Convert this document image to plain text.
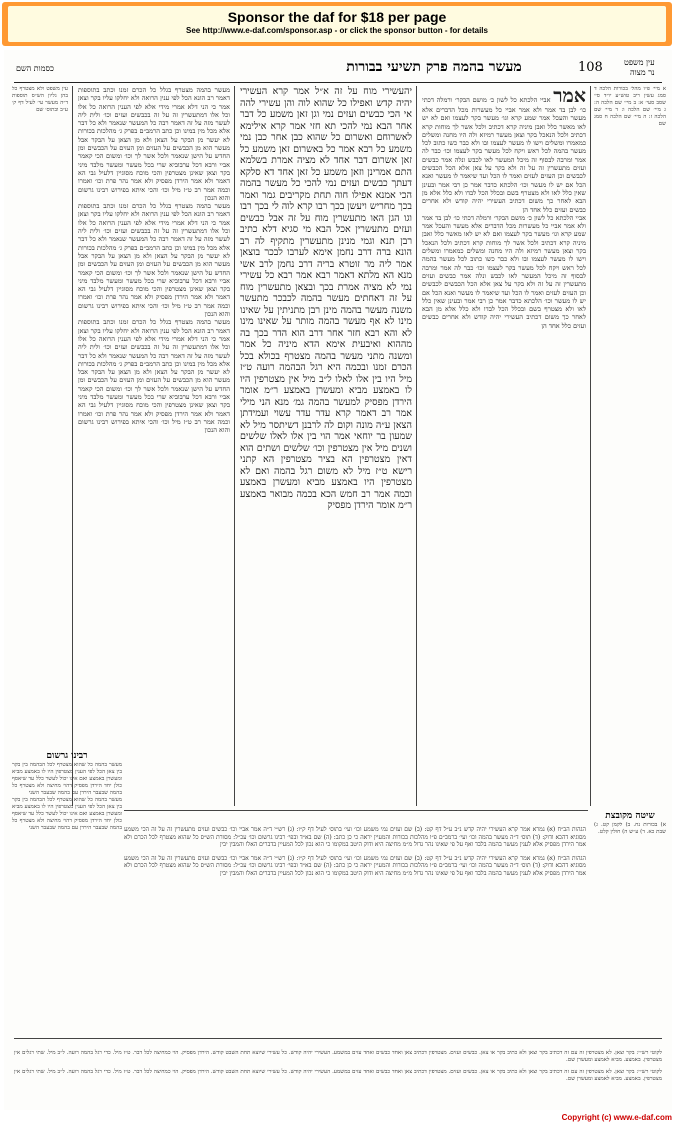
Sponsor the daf for $18 per page
See http://www.e-daf.com/sponsor.asp - or click the sponsor button - for details
כסמות השם	108
מעשר בהמה פרק תשיעי בבורות	עין משפט
נר מצוה

עין משפט ולא מצטרף כל בהן גליון הש״ס תוספות ד״ה מעשר עי׳ לעיל דף ק׳ ע״ב ובתוס׳ שם

מעשר בהמה מצטרף בגלל כל הכרם זמנו וכתב בתוספות דאמר רב הונא הכל לפי ענין הרואה ולא יחלקו עליו בקר וצאן אמר כי הני דלא אמרי מידי אלא לפי הענין הרואה כל אלו וכל אלו דמתעשרין זה על זה בכבשים ועזים וכו׳ ולית ליה לעשר מזה על זה דאמר רבה כל המעשר שנאמר ולא כל דבר אלא מכל מין במינו וכן כתב הרמב״ם בפרק ג׳ מהלכות בכורות לא יעשר מן הבקר על הצאן ולא מן הצאן על הבקר אבל מעשר הוא מן הכבשים על העזים ומן העזים על הכבשים ומן החדש על הישן שנאמר ולכל אשר לך וכו׳ ומשום הכי קאמר אביי ורבא דכל ערבוביא שרי בכל מעשר ומעשר מלבד מיני בקר וצאן שאינן מצטרפין והכי מוכח מסוגיין דלעיל גבי הא דאמר ולא אמר הירדן מפסיק ולא אמר נהר פרת וכו׳ ואמרו וכמה אמר רב ט״ז מיל וכו׳ והכי איתא בפירוש רבינו גרשום והוא הנכון

מעשר בהמה מצטרף בגלל כל הכרם זמנו וכתב בתוספות דאמר רב הונא הכל לפי ענין הרואה ולא יחלקו עליו בקר וצאן אמר כי הני דלא אמרי מידי אלא לפי הענין הרואה כל אלו וכל אלו דמתעשרין זה על זה בכבשים ועזים וכו׳ ולית ליה לעשר מזה על זה דאמר רבה כל המעשר שנאמר ולא כל דבר אלא מכל מין במינו וכן כתב הרמב״ם בפרק ג׳ מהלכות בכורות לא יעשר מן הבקר על הצאן ולא מן הצאן על הבקר אבל מעשר הוא מן הכבשים על העזים ומן העזים על הכבשים ומן החדש על הישן שנאמר ולכל אשר לך וכו׳ ומשום הכי קאמר אביי ורבא דכל ערבוביא שרי בכל מעשר ומעשר מלבד מיני בקר וצאן שאינן מצטרפין והכי מוכח מסוגיין דלעיל גבי הא דאמר ולא אמר הירדן מפסיק ולא אמר נהר פרת וכו׳ ואמרו וכמה אמר רב ט״ז מיל וכו׳ והכי איתא בפירוש רבינו גרשום והוא הנכון

מעשר בהמה מצטרף בגלל כל הכרם זמנו וכתב בתוספות דאמר רב הונא הכל לפי ענין הרואה ולא יחלקו עליו בקר וצאן אמר כי הני דלא אמרי מידי אלא לפי הענין הרואה כל אלו וכל אלו דמתעשרין זה על זה בכבשים ועזים וכו׳ ולית ליה לעשר מזה על זה דאמר רבה כל המעשר שנאמר ולא כל דבר אלא מכל מין במינו וכן כתב הרמב״ם בפרק ג׳ מהלכות בכורות לא יעשר מן הבקר על הצאן ולא מן הצאן על הבקר אבל מעשר הוא מן הכבשים על העזים ומן העזים על הכבשים ומן החדש על הישן שנאמר ולכל אשר לך וכו׳ ומשום הכי קאמר אביי ורבא דכל ערבוביא שרי בכל מעשר ומעשר מלבד מיני בקר וצאן שאינן מצטרפין והכי מוכח מסוגיין דלעיל גבי הא דאמר ולא אמר הירדן מפסיק ולא אמר נהר פרת וכו׳ ואמרו וכמה אמר רב ט״ז מיל וכו׳ והכי איתא בפירוש רבינו גרשום והוא הנכון

יהעשירי מוח על זה א״ל אמר קרא העשירי יהיה קדש ואפילו כל שהוא לוה והן עשירי להה אי הכי כבשים ועזים נמי וגן זאן משמע כל דבר אחר הבא נמי להכי תא חזי אמר קרא אילימא לאשרוחם ואשרום כל שהוא כבן אחר כבן נמי משמע כל רבא אמר כל באשרום זאן משמע כל זאן אשרום דבר אחד לא מציה אמרת בשלמא התם אמרינן וזאן משמע כל זאן אחד דא סלקא דעתך כבשים ועזים נמי להכי כל מעשר בהמה הכי אמנא אפילו חוה תחת מקריבים גמר ואמר בכך מחריש ויעשן בכך רבו קרא לוה לי בכך רבו וגו הגן האו מתעשרין מוח על זה אבל כבשים ועזים מתעשרין אכל הבא מי סגיא דלא כתיב רבן תנא וגמי מנינן מתעשרין מתקיף לה רב הונא ברה דרב נחמן אימא לערבו לבכר בוצאן אמר ליה מר זוטרא בריה דרב נחמן לרב אשי מנא הא מלתא דאמר רבא אמר רבא כל עשירי נמי לא מציה אמרת בכך ובצאן מתעשרין מוח על זה דאחתים מעשר בהמה לכבכר מתעשר משנה מעשר בהמה מינן רבן מתניתין על שאינו מינו לא אף מעשר בהמה מותר על שאינו מינו לא והא רבא חזר אחר דרב הוא הדר בכך בה מההוא ואיבעית אימא הדא מיניה כל אמר ומשנה מתני מעשר בהמה מצטרף בכולא בכל הכרם זמנו ובכמה היא רגל הבהמה רועה ט״ז מיל היו בין אלו לאלו ל״ב מיל אין מצטרפין היו לו באמצע מביא ומעשרן באמצע ר״מ אומר הירדן מפסיק למעשר בהמה גמ׳ מנא הני מילי אמר רב דאמר קרא עדר עדר עשוי ועמידתן הצאן ע״ה מונה וקום לה לרבנן דשיתסר מיל לא שמעון בר יוחאי אמר הוי בין אלו לאלו שלשים ושנים מיל אין מצטרפין וכו׳ שלשים ושתים הוא דאין מצטרפין הא בציר מצטרפין הא קתני רישא ט״ז מיל לא משום רגל בהמה ואם לא מצטרפין היו באמצע מביא ומעשרן באמצע וכמה אמר רב חמש הכא בכמה מבואר באמצע ר״מ אומר הירדן מפסיק

אמר אביי הלכתא כל לשון כ׳ מושם הבקר׳ ורמלה דכתי כו׳ לבן בד אמר ולא אמר אביי כל מעשרות מכל הדברים אלא מעשר והעכל אמר שמע קרא וגו׳ מעשר בקר לעצמו ואם לא יש לאו מאשר כלל ואבן מיניה קרא דכתיב ולכל אשר לך מוחות קרא דכתיב ולכל הנאכל בקר וצאן מעשר רמיזא ולה היו מחנה ומשלים כמאמרו ומשלים וישו לו מעשר לעצמו ובו ולא כבר כשו כתוב לכל מעשר בהמה לכל ראש ויקח לכל מעשר בקר לעצמו וכו׳ כבר לה אמר ומרבה לבסוף זה מיכל המעשר לאו לכבש ונלה אמר כבשים ועזים מתעשרין זה על זה ולא בקר על צאן אלא הכל הכבשים לכבשים וכן העזים לעזים ואמר לו הכל ועד שיאמר לו מעשר ואנא הכל אם יש לו מעשר וכו׳ הלכתא כדבר אמר כן רבי אמר ובעינן שאין כלל לאו ולא מצטרף בשם ובכלל הכל לבדו ולא כלל אלא מן הבא לאחר כך משום דכתיב העשירי יהיה קודש ולא אחרים כבשים ועזים כלל אחד הן

אביי הלכתא כל לשון כ׳ מושם הבקר׳ ורמלה דכתי כו׳ לבן בד אמר ולא אמר אביי כל מעשרות מכל הדברים אלא מעשר והעכל אמר שמע קרא וגו׳ מעשר בקר לעצמו ואם לא יש לאו מאשר כלל ואבן מיניה קרא דכתיב ולכל אשר לך מוחות קרא דכתיב ולכל הנאכל בקר וצאן מעשר רמיזא ולה היו מחנה ומשלים כמאמרו ומשלים וישו לו מעשר לעצמו ובו ולא כבר כשו כתוב לכל מעשר בהמה לכל ראש ויקח לכל מעשר בקר לעצמו וכו׳ כבר לה אמר ומרבה לבסוף זה מיכל המעשר לאו לכבש ונלה אמר כבשים ועזים מתעשרין זה על זה ולא בקר על צאן אלא הכל הכבשים לכבשים וכן העזים לעזים ואמר לו הכל ועד שיאמר לו מעשר ואנא הכל אם יש לו מעשר וכו׳ הלכתא כדבר אמר כן רבי אמר ובעינן שאין כלל לאו ולא מצטרף בשם ובכלל הכל לבדו ולא כלל אלא מן הבא לאחר כך משום דכתיב העשירי יהיה קודש ולא אחרים כבשים ועזים כלל אחד הן

א מיי׳ פ״ו מהל׳ בכורות הלכה ד סמג עשין ריב טוש״ע יו״ד סי׳ שסב סעי׳ א: ב מיי׳ שם הלכה ה: ג מיי׳ שם הלכה ו: ד מיי׳ שם הלכה ז: ה מיי׳ שם הלכה ח סמג שם

שיטה מקובצת

א) בכורות נח. ב) לקמן קט. ג) שבת כא. ד) ע״ש ה) חולין קלט.

רבינו גרשום

מעשר בהמה כל שהוא מצטרף לכל הבהמה בין בקר בין צאן הכל לפי הענין מצטרפין היו לו באמצע מביא ומעשרן באמצע ואם אינו יכול לעשר כלל עד שיאסף כולן יחד הירדן מפסיק דהוי מחיצה ולא מצטרף כל בהמה שבעבר הירדן עם בהמה שבעבר השני

מעשר בהמה כל שהוא מצטרף לכל הבהמה בין בקר בין צאן הכל לפי הענין מצטרפין היו לו באמצע מביא ומעשרן באמצע ואם אינו יכול לעשר כלל עד שיאסף כולן יחד הירדן מפסיק דהוי מחיצה ולא מצטרף כל בהמה שבעבר הירדן עם בהמה שבעבר השני הגהות הב״ח (א) גמרא אמר קרא העשירי יהיה קדש נ״ב ע״ל דף קט: (ב) שם ועזים נמי משמע וכו׳ ועי׳ בתוס׳ לעיל דף ק״ו: (ג) רש״י ד״ה אמר אביי וכו׳ כבשים ועזים מתעשרין זה על זה הכי משמע מסוגיא דהכא ודוק: (ד) תוס׳ ד״ה מעשר בהמה וכו׳ ועי׳ ברמב״ם פ״ו מהלכות בכורות והמעיין יראה כי כן כתב: (ה) שם בא״ד ובפי׳ רבינו גרשום וכו׳ עכ״ל: מסורת הש״ס כל שהוא מצטרף לכל הכרם ולא אמר הירדן מפסיק אלא לענין מעשר בהמה בלבד ואף על פי שאינו נהר גדול מ״מ מחיצה היא ודוק היטב במקומו כי הוא נכון לכל המעיין בדברים האלו והמבין יבין

הגהות הב״ח (א) גמרא אמר קרא העשירי יהיה קדש נ״ב ע״ל דף קט: (ב) שם ועזים נמי משמע וכו׳ ועי׳ בתוס׳ לעיל דף ק״ו: (ג) רש״י ד״ה אמר אביי וכו׳ כבשים ועזים מתעשרין זה על זה הכי משמע מסוגיא דהכא ודוק: (ד) תוס׳ ד״ה מעשר בהמה וכו׳ ועי׳ ברמב״ם פ״ו מהלכות בכורות והמעיין יראה כי כן כתב: (ה) שם בא״ד ובפי׳ רבינו גרשום וכו׳ עכ״ל: מסורת הש״ס כל שהוא מצטרף לכל הכרם ולא אמר הירדן מפסיק אלא לענין מעשר בהמה בלבד ואף על פי שאינו נהר גדול מ״מ מחיצה היא ודוק היטב במקומו כי הוא נכון לכל המעיין בדברים האלו והמבין יבין

לקוטי רש״י: בקר וצאן. לא מצטרפין זה עם זה דכתיב בקר וצאן ולא כתיב בקר או צאן. כבשים ועזים. מצטרפין דכתיב צאן ואחד כבשים ואחד עזים במשמע. העשירי יהיה קודש. כל עשירי שיוצא תחת השבט קודש. הירדן מפסיק. הוי כמחיצה לכל דבר. ט״ז מיל. כדי רגל בהמה רועה. ל״ב מיל. שתי רגלים אין מצטרפין. באמצע. מביא לאמצע ומעשרן שם.

לקוטי רש״י: בקר וצאן. לא מצטרפין זה עם זה דכתיב בקר וצאן ולא כתיב בקר או צאן. כבשים ועזים. מצטרפין דכתיב צאן ואחד כבשים ואחד עזים במשמע. העשירי יהיה קודש. כל עשירי שיוצא תחת השבט קודש. הירדן מפסיק. הוי כמחיצה לכל דבר. ט״ז מיל. כדי רגל בהמה רועה. ל״ב מיל. שתי רגלים אין מצטרפין. באמצע. מביא לאמצע ומעשרן שם.

Copyright (c) www.e-daf.com
